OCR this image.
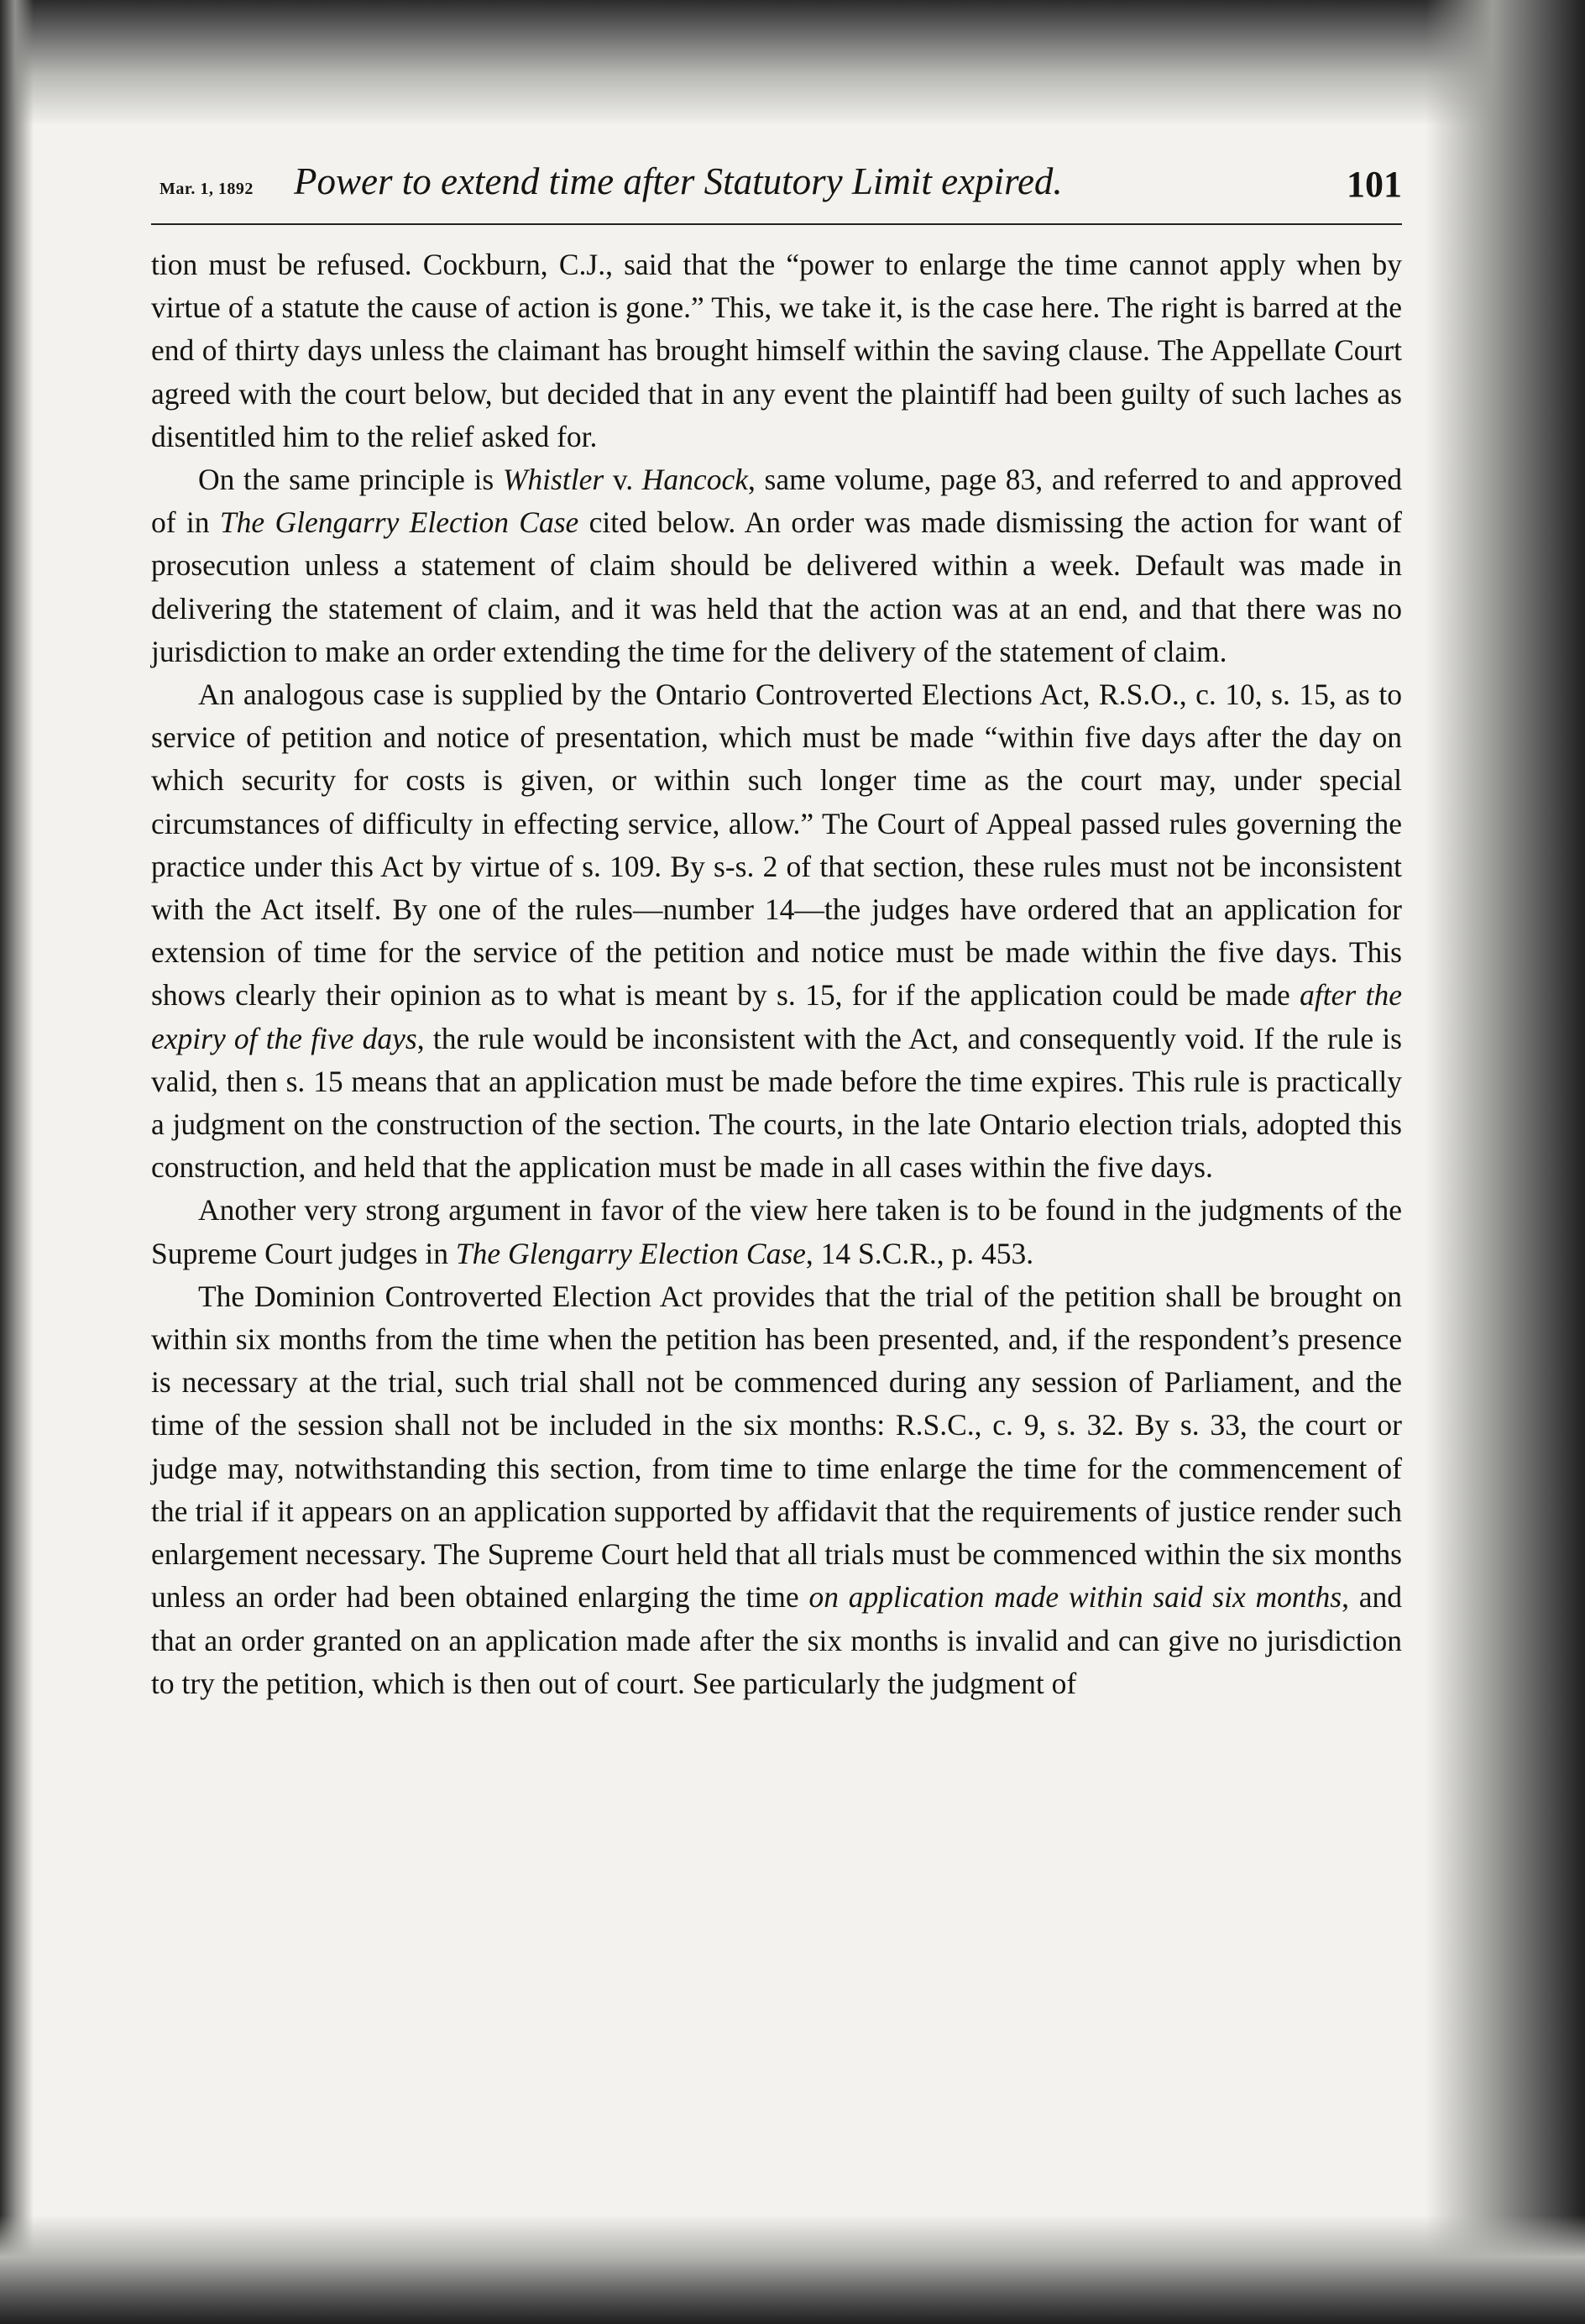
Mar. 1, 1892 Power to extend time after Statutory Limit expired.	101

tion must be refused. Cockburn, C.J., said that the “power to enlarge the time cannot apply when by virtue of a statute the cause of action is gone.” This, we take it, is the case here. The right is barred at the end of thirty days unless the claimant has brought himself within the saving clause. The Appellate Court agreed with the court below, but decided that in any event the plaintiff had been guilty of such laches as disentitled him to the relief asked for.

On the same principle is Whistler v. Hancock, same volume, page 83, and referred to and approved of in The Glengarry Election Case cited below. An order was made dismissing the action for want of prosecution unless a statement of claim should be delivered within a week. Default was made in delivering the statement of claim, and it was held that the action was at an end, and that there was no jurisdiction to make an order extending the time for the delivery of the statement of claim.

An analogous case is supplied by the Ontario Controverted Elections Act, R.S.O., c. 10, s. 15, as to service of petition and notice of presentation, which must be made “within five days after the day on which security for costs is given, or within such longer time as the court may, under special circumstances of difficulty in effecting service, allow.” The Court of Appeal passed rules governing the practice under this Act by virtue of s. 109. By s-s. 2 of that section, these rules must not be inconsistent with the Act itself. By one of the rules—number 14—the judges have ordered that an application for extension of time for the service of the petition and notice must be made within the five days. This shows clearly their opinion as to what is meant by s. 15, for if the application could be made after the expiry of the five days, the rule would be inconsistent with the Act, and consequently void. If the rule is valid, then s. 15 means that an application must be made before the time expires. This rule is practically a judgment on the construction of the section. The courts, in the late Ontario election trials, adopted this construction, and held that the application must be made in all cases within the five days.

Another very strong argument in favor of the view here taken is to be found in the judgments of the Supreme Court judges in The Glengarry Election Case, 14 S.C.R., p. 453.

The Dominion Controverted Election Act provides that the trial of the petition shall be brought on within six months from the time when the petition has been presented, and, if the respondent’s presence is necessary at the trial, such trial shall not be commenced during any session of Parliament, and the time of the session shall not be included in the six months: R.S.C., c. 9, s. 32. By s. 33, the court or judge may, notwithstanding this section, from time to time enlarge the time for the commencement of the trial if it appears on an application supported by affidavit that the requirements of justice render such enlargement necessary. The Supreme Court held that all trials must be commenced within the six months unless an order had been obtained enlarging the time on application made within said six months, and that an order granted on an application made after the six months is invalid and can give no jurisdiction to try the petition, which is then out of court. See particularly the judgment of
